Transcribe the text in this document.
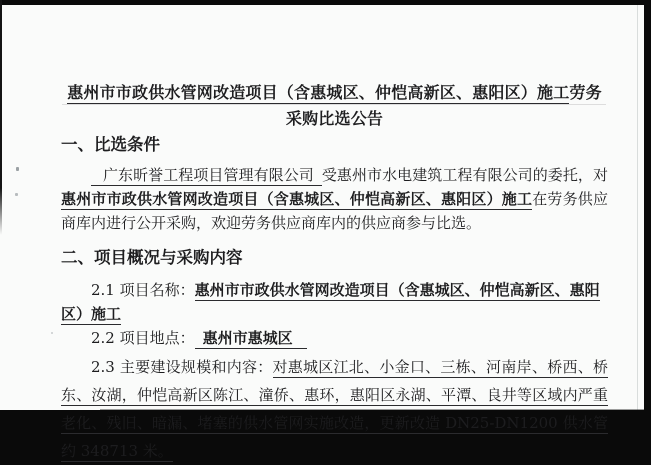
惠州市市政供水管网改造项目（含惠城区、仲恺高新区、惠阳区）施工劳务采购比选公告
一、比选条件

广东昕誉工程项目管理有限公司 受惠州市水电建筑工程有限公司的委托，对惠州市市政供水管网改造项目（含惠城区、仲恺高新区、惠阳区）施工在劳务供应商库内进行公开采购，欢迎劳务供应商库内的供应商参与比选。

二、项目概况与采购内容

2.1 项目名称：惠州市市政供水管网改造项目（含惠城区、仲恺高新区、惠阳区）施工

2.2 项目地点： 惠州市惠城区

2.3 主要建设规模和内容：对惠城区江北、小金口、三栋、河南岸、桥西、桥东、汝湖，仲恺高新区陈江、潼侨、惠环，惠阳区永湖、平潭、良井等区域内严重老化、残旧、暗漏、堵塞的供水管网实施改造，更新改造 DN25-DN1200 供水管约 348713 米。
